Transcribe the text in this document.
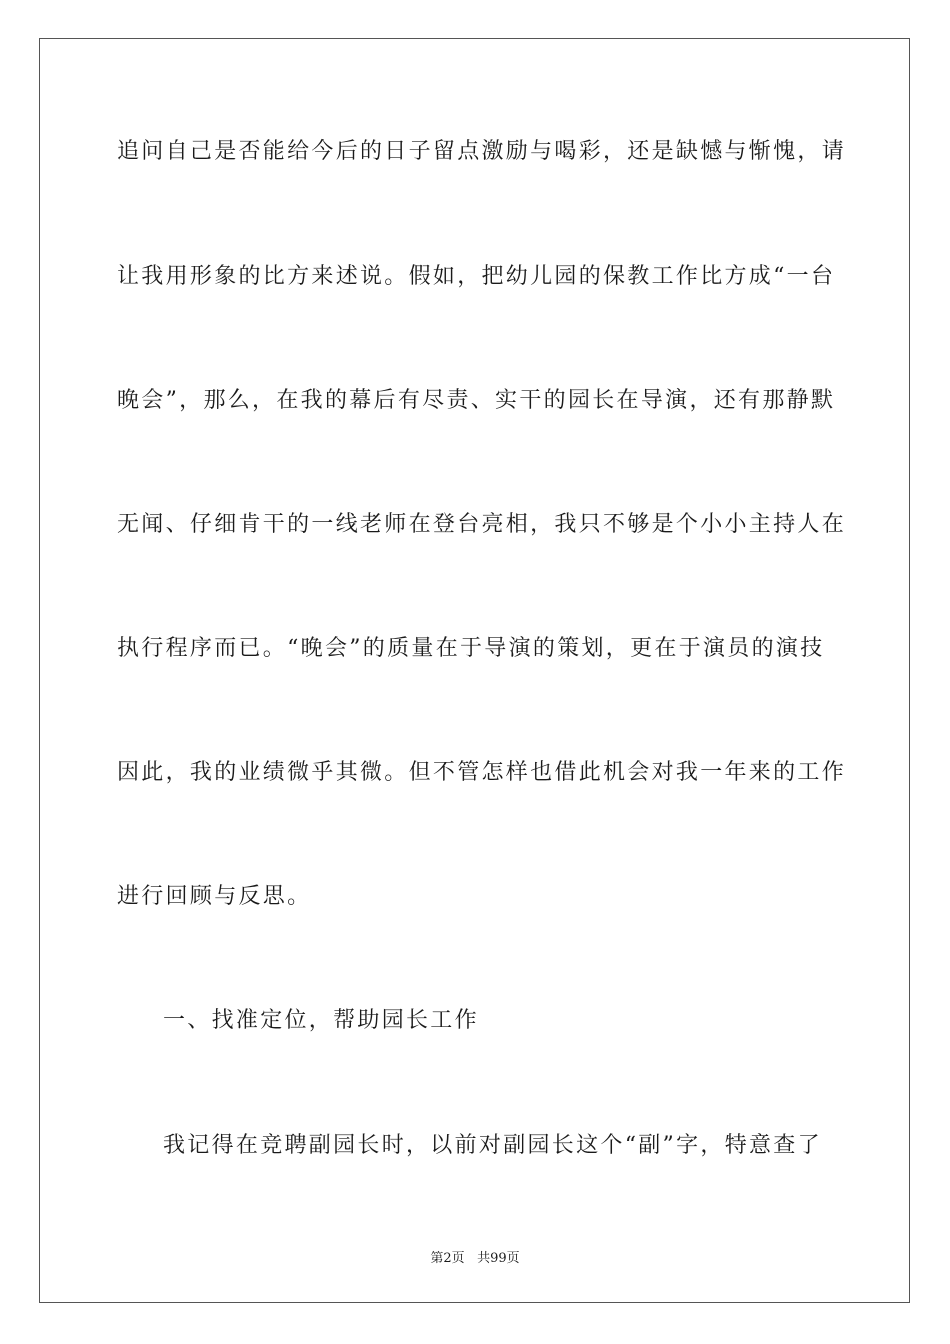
追问自己是否能给今后的日子留点激励与喝彩，还是缺憾与惭愧，请
让我用形象的比方来述说。假如，把幼儿园的保教工作比方成“一台
晚会”，那么，在我的幕后有尽责、实干的园长在导演，还有那静默
无闻、仔细肯干的一线老师在登台亮相，我只不够是个小小主持人在
执行程序而已。“晚会”的质量在于导演的策划，更在于演员的演技
因此，我的业绩微乎其微。但不管怎样也借此机会对我一年来的工作
进行回顾与反思。
一、找准定位，帮助园长工作
我记得在竞聘副园长时，以前对副园长这个“副”字，特意查了
第2页 共99页
